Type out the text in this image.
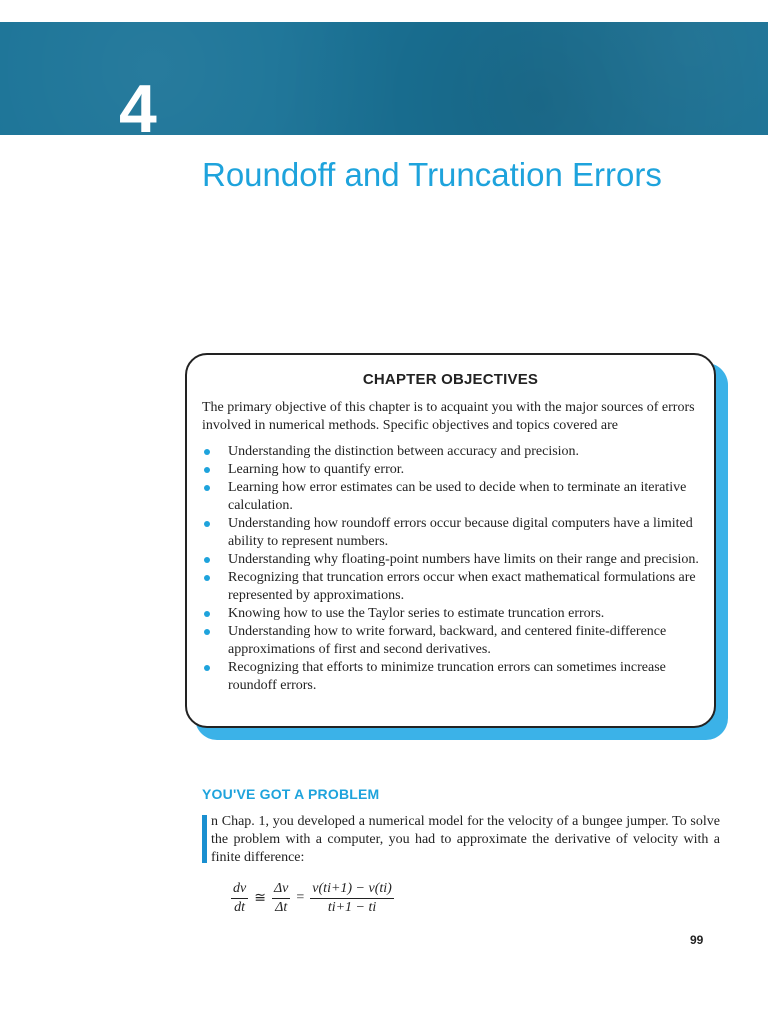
4
Roundoff and Truncation Errors
CHAPTER OBJECTIVES

The primary objective of this chapter is to acquaint you with the major sources of errors involved in numerical methods. Specific objectives and topics covered are

Understanding the distinction between accuracy and precision.
Learning how to quantify error.
Learning how error estimates can be used to decide when to terminate an iterative calculation.
Understanding how roundoff errors occur because digital computers have a limited ability to represent numbers.
Understanding why floating-point numbers have limits on their range and precision.
Recognizing that truncation errors occur when exact mathematical formulations are represented by approximations.
Knowing how to use the Taylor series to estimate truncation errors.
Understanding how to write forward, backward, and centered finite-difference approximations of first and second derivatives.
Recognizing that efforts to minimize truncation errors can sometimes increase roundoff errors.
YOU'VE GOT A PROBLEM

n Chap. 1, you developed a numerical model for the velocity of a bungee jumper. To solve the problem with a computer, you had to approximate the derivative of velocity with a finite difference:

$\frac{dv}{dt}$ ≅ $\frac{\Delta v}{\Delta t} = \frac{v(ti+1) - v(ti)}{ti+1 - ti}$
99
